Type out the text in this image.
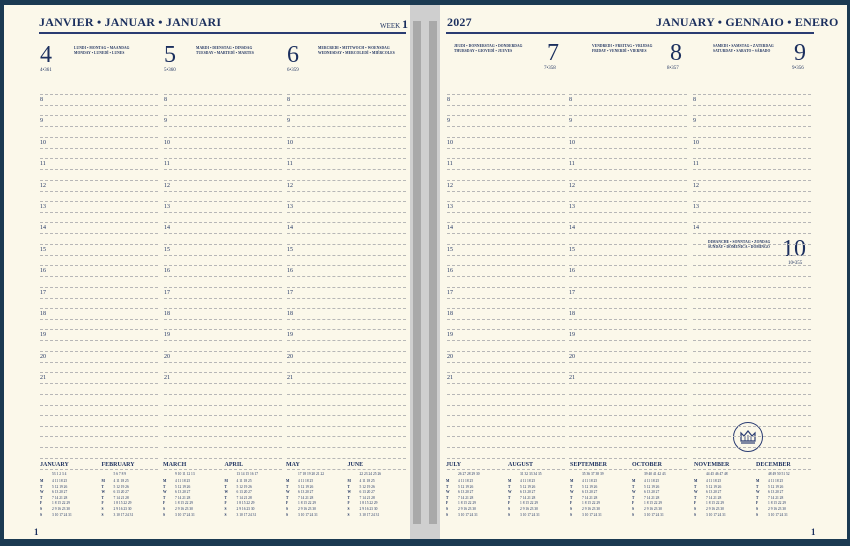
JANVIER • JANUAR • JANUARI	WEEK 1
4	LUNDI • MONTAG • MAANDAG
MONDAY • LUNEDÌ • LUNES
4•361
5	MARDI • DIENSTAG • DINSDAG
TUESDAY • MARTEDÌ • MARTES
5•360
6	MERCREDI • MITTWOCH • WOENSDAG
WEDNESDAY • MERCOLEDÌ • MIÉRCOLES
6•359
8
9
10
11
12
13
14
15
16
17
18
19
20
21
8
9
10
11
12
13
14
15
16
17
18
19
20
21
8
9
10
11
12
13
14
15
16
17
18
19
20
21
JANUARY
53 1 2 3 4
M 4 11 18 25
T	5 12 19 26
W 6 13 20 27
T	7 14 21 28
F	1 8 15 22 29
S	2 9 16 23 30
S	3 10 17 24 31
FEBRUARY
5 6 7 8 9
M 4 11 18 25
T	5 12 19 26
W 6 13 20 27
T	7 14 21 28
F	1 8 15 22 29
S	2 9 16 23 30
S	3 10 17 24 31
MARCH
9 10 11 12 13
M 4 11 18 25
T	5 12 19 26
W 6 13 20 27
T	7 14 21 28
F	1 8 15 22 29
S	2 9 16 23 30
S	3 10 17 24 31
APRIL
13 14 15 16 17
M 4 11 18 25
T	5 12 19 26
W 6 13 20 27
T	7 14 21 28
F	1 8 15 22 29
S	2 9 16 23 30
S	3 10 17 24 31
MAY
17 18 19 20 21 22
M 4 11 18 25
T	5 12 19 26
W 6 13 20 27
T	7 14 21 28
F	1 8 15 22 29
S	2 9 16 23 30
S	3 10 17 24 31
JUNE
22 23 24 25 26
M 4 11 18 25
T	5 12 19 26
W 6 13 20 27
T	7 14 21 28
F	1 8 15 22 29
S	2 9 16 23 30
S	3 10 17 24 31
1
2027	JANUARY • GENNAIO • ENERO
JEUDI • DONNERSTAG • DONDERDAG
THURSDAY • GIOVEDÌ • JUEVES	7
7•358
VENDREDI • FREITAG • VRIJDAG
FRIDAY • VENERDÌ • VIERNES 8
8•357
SAMEDI • SAMSTAG • ZATERDAG
SATURDAY • SABATO • SÁBADO 9
9•356
DIMANCHE • SONNTAG • ZONDAG
SUNDAY • DOMENICA • DOMINGO 10
10•355
8
9
10
11
12
13
14
15
16
17
18
19
20
21
8
9
10
11
12
13
14
15
16
17
18
19
20
21
8
9
10
11
12
13
14
JULY
26 27 28 29 30
M 4 11 18 25
T	5 12 19 26
W 6 13 20 27
T	7 14 21 28
F	1 8 15 22 29
S	2 9 16 23 30
S	3 10 17 24 31
AUGUST
31 32 33 34 35
M 4 11 18 25
T	5 12 19 26
W 6 13 20 27
T	7 14 21 28
F	1 8 15 22 29
S	2 9 16 23 30
S	3 10 17 24 31
SEPTEMBER
35 36 37 38 39
M 4 11 18 25
T	5 12 19 26
W 6 13 20 27
T	7 14 21 28
F	1 8 15 22 29
S	2 9 16 23 30
S	3 10 17 24 31
OCTOBER
39 40 41 42 43
M 4 11 18 25
T	5 12 19 26
W 6 13 20 27
T	7 14 21 28
F	1 8 15 22 29
S	2 9 16 23 30
S	3 10 17 24 31
NOVEMBER
44 45 46 47 48
M 4 11 18 25
T	5 12 19 26
W 6 13 20 27
T	7 14 21 28
F	1 8 15 22 29
S	2 9 16 23 30
S	3 10 17 24 31
DECEMBER
48 49 50 51 52
M 4 11 18 25
T	5 12 19 26
W 6 13 20 27
T	7 14 21 28
F	1 8 15 22 29
S	2 9 16 23 30
S	3 10 17 24 31
1
